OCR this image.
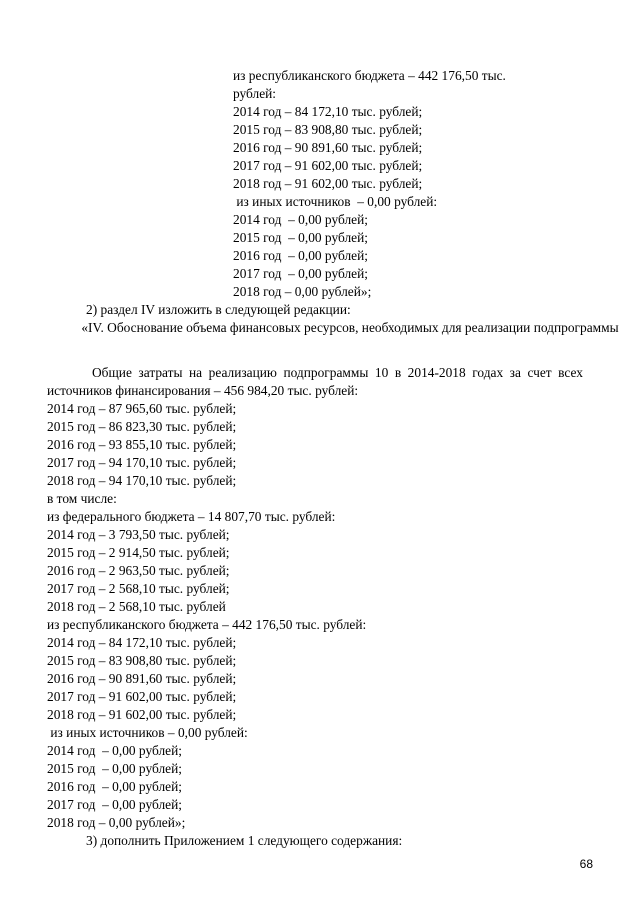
из республиканского бюджета – 442 176,50 тыс.
рублей:
2014 год – 84 172,10 тыс. рублей;
2015 год – 83 908,80 тыс. рублей;
2016 год – 90 891,60 тыс. рублей;
2017 год – 91 602,00 тыс. рублей;
2018 год – 91 602,00 тыс. рублей;
из иных источников  – 0,00 рублей:
2014 год  – 0,00 рублей;
2015 год  – 0,00 рублей;
2016 год  – 0,00 рублей;
2017 год  – 0,00 рублей;
2018 год – 0,00 рублей»;
2) раздел IV изложить в следующей редакции:
«IV. Обоснование объема финансовых ресурсов, необходимых для реализации подпрограммы
Общие затраты на реализацию подпрограммы 10 в 2014-2018 годах за счет всех источников финансирования – 456 984,20 тыс. рублей:
2014 год – 87 965,60 тыс. рублей;
2015 год – 86 823,30 тыс. рублей;
2016 год – 93 855,10 тыс. рублей;
2017 год – 94 170,10 тыс. рублей;
2018 год – 94 170,10 тыс. рублей;
в том числе:
из федерального бюджета – 14 807,70 тыс. рублей:
2014 год – 3 793,50 тыс. рублей;
2015 год – 2 914,50 тыс. рублей;
2016 год – 2 963,50 тыс. рублей;
2017 год – 2 568,10 тыс. рублей;
2018 год – 2 568,10 тыс. рублей
из республиканского бюджета – 442 176,50 тыс. рублей:
2014 год – 84 172,10 тыс. рублей;
2015 год – 83 908,80 тыс. рублей;
2016 год – 90 891,60 тыс. рублей;
2017 год – 91 602,00 тыс. рублей;
2018 год – 91 602,00 тыс. рублей;
из иных источников – 0,00 рублей:
2014 год  – 0,00 рублей;
2015 год  – 0,00 рублей;
2016 год  – 0,00 рублей;
2017 год  – 0,00 рублей;
2018 год – 0,00 рублей»;
3) дополнить Приложением 1 следующего содержания:
68
